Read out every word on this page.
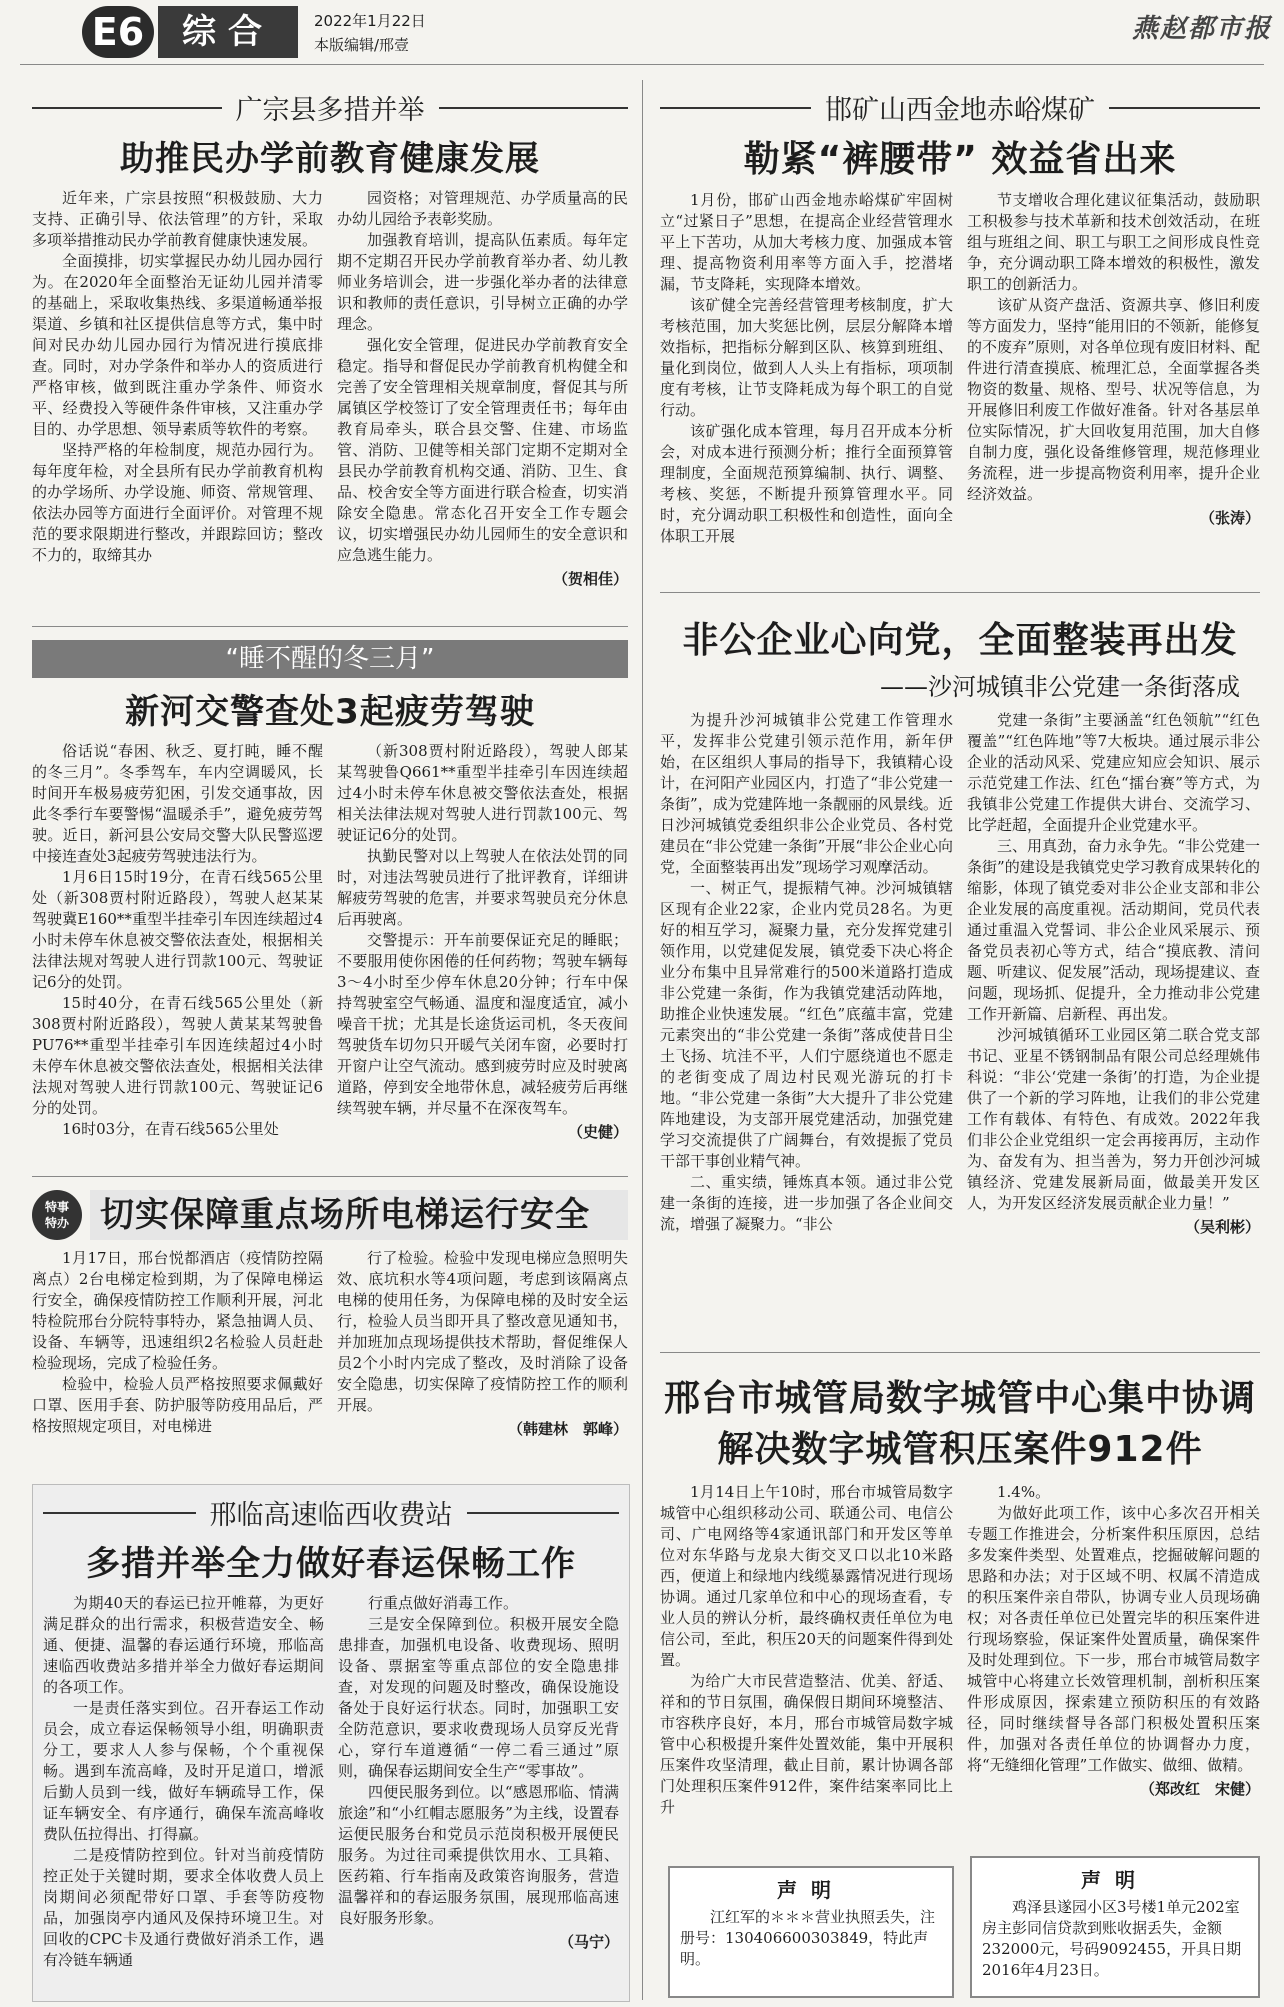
E6	综合	2022年1月22日
本版编辑/邢壹
燕赵都市报
广宗县多措并举
助推民办学前教育健康发展

近年来，广宗县按照“积极鼓励、大力支持、正确引导、依法管理”的方针，采取多项举措推动民办学前教育健康快速发展。

全面摸排，切实掌握民办幼儿园办园行为。在2020年全面整治无证幼儿园并清零的基础上，采取收集热线、多渠道畅通举报渠道、乡镇和社区提供信息等方式，集中时间对民办幼儿园办园行为情况进行摸底排查。同时，对办学条件和举办人的资质进行严格审核，做到既注重办学条件、师资水平、经费投入等硬件条件审核，又注重办学目的、办学思想、领导素质等软件的考察。

坚持严格的年检制度，规范办园行为。每年度年检，对全县所有民办学前教育机构的办学场所、办学设施、师资、常规管理、依法办园等方面进行全面评价。对管理不规范的要求限期进行整改，并跟踪回访；整改不力的，取缔其办

园资格；对管理规范、办学质量高的民办幼儿园给予表彰奖励。

加强教育培训，提高队伍素质。每年定期不定期召开民办学前教育举办者、幼儿教师业务培训会，进一步强化举办者的法律意识和教师的责任意识，引导树立正确的办学理念。

强化安全管理，促进民办学前教育安全稳定。指导和督促民办学前教育机构健全和完善了安全管理相关规章制度，督促其与所属镇区学校签订了安全管理责任书；每年由教育局牵头，联合县交警、住建、市场监管、消防、卫健等相关部门定期不定期对全县民办学前教育机构交通、消防、卫生、食品、校舍安全等方面进行联合检查，切实消除安全隐患。常态化召开安全工作专题会议，切实增强民办幼儿园师生的安全意识和应急逃生能力。

（贺相佳）
邯矿山西金地赤峪煤矿
勒紧“裤腰带” 效益省出来

1月份，邯矿山西金地赤峪煤矿牢固树立“过紧日子”思想，在提高企业经营管理水平上下苦功，从加大考核力度、加强成本管理、提高物资利用率等方面入手，挖潜堵漏，节支降耗，实现降本增效。

该矿健全完善经营管理考核制度，扩大考核范围，加大奖惩比例，层层分解降本增效指标，把指标分解到区队、核算到班组、量化到岗位，做到人人头上有指标，项项制度有考核，让节支降耗成为每个职工的自觉行动。

该矿强化成本管理，每月召开成本分析会，对成本进行预测分析；推行全面预算管理制度，全面规范预算编制、执行、调整、考核、奖惩，不断提升预算管理水平。同时，充分调动职工积极性和创造性，面向全体职工开展

节支增收合理化建议征集活动，鼓励职工积极参与技术革新和技术创效活动，在班组与班组之间、职工与职工之间形成良性竞争，充分调动职工降本增效的积极性，激发职工的创新活力。

该矿从资产盘活、资源共享、修旧利废等方面发力，坚持“能用旧的不领新，能修复的不废弃”原则，对各单位现有废旧材料、配件进行清查摸底、梳理汇总，全面掌握各类物资的数量、规格、型号、状况等信息，为开展修旧利废工作做好准备。针对各基层单位实际情况，扩大回收复用范围，加大自修自制力度，强化设备维修管理，规范修理业务流程，进一步提高物资利用率，提升企业经济效益。

（张涛）
“睡不醒的冬三月”
新河交警查处3起疲劳驾驶

俗话说“春困、秋乏、夏打盹，睡不醒的冬三月”。冬季驾车，车内空调暖风，长时间开车极易疲劳犯困，引发交通事故，因此冬季行车要警惕“温暖杀手”，避免疲劳驾驶。近日，新河县公安局交警大队民警巡逻中接连查处3起疲劳驾驶违法行为。

1月6日15时19分，在青石线565公里处（新308贾村附近路段），驾驶人赵某某驾驶冀E160**重型半挂牵引车因连续超过4小时未停车休息被交警依法查处，根据相关法律法规对驾驶人进行罚款100元、驾驶证记6分的处罚。

15时40分，在青石线565公里处（新308贾村附近路段），驾驶人黄某某驾驶鲁PU76**重型半挂牵引车因连续超过4小时未停车休息被交警依法查处，根据相关法律法规对驾驶人进行罚款100元、驾驶证记6分的处罚。

16时03分，在青石线565公里处

（新308贾村附近路段），驾驶人郎某某驾驶鲁Q661**重型半挂牵引车因连续超过4小时未停车休息被交警依法查处，根据相关法律法规对驾驶人进行罚款100元、驾驶证记6分的处罚。

执勤民警对以上驾驶人在依法处罚的同时，对违法驾驶员进行了批评教育，详细讲解疲劳驾驶的危害，并要求驾驶员充分休息后再驶离。

交警提示：开车前要保证充足的睡眠；不要服用使你困倦的任何药物；驾驶车辆每3～4小时至少停车休息20分钟；行车中保持驾驶室空气畅通、温度和湿度适宜，减小噪音干扰；尤其是长途货运司机，冬天夜间驾驶货车切勿只开暖气关闭车窗，必要时打开窗户让空气流动。感到疲劳时应及时驶离道路，停到安全地带休息，减轻疲劳后再继续驾驶车辆，并尽量不在深夜驾车。

（史健）
特事
特办 切实保障重点场所电梯运行安全

1月17日，邢台悦都酒店（疫情防控隔离点）2台电梯定检到期，为了保障电梯运行安全，确保疫情防控工作顺利开展，河北特检院邢台分院特事特办，紧急抽调人员、设备、车辆等，迅速组织2名检验人员赶赴检验现场，完成了检验任务。

检验中，检验人员严格按照要求佩戴好口罩、医用手套、防护服等防疫用品后，严格按照规定项目，对电梯进

行了检验。检验中发现电梯应急照明失效、底坑积水等4项问题，考虑到该隔离点电梯的使用任务，为保障电梯的及时安全运行，检验人员当即开具了整改意见通知书，并加班加点现场提供技术帮助，督促维保人员2个小时内完成了整改，及时消除了设备安全隐患，切实保障了疫情防控工作的顺利开展。

（韩建林　郭峰）
邢临高速临西收费站
多措并举全力做好春运保畅工作

为期40天的春运已拉开帷幕，为更好满足群众的出行需求，积极营造安全、畅通、便捷、温馨的春运通行环境，邢临高速临西收费站多措并举全力做好春运期间的各项工作。

一是责任落实到位。召开春运工作动员会，成立春运保畅领导小组，明确职责分工，要求人人参与保畅，个个重视保畅。遇到车流高峰，及时开足道口，增派后勤人员到一线，做好车辆疏导工作，保证车辆安全、有序通行，确保车流高峰收费队伍拉得出、打得赢。

二是疫情防控到位。针对当前疫情防控正处于关键时期，要求全体收费人员上岗期间必须配带好口罩、手套等防疫物品，加强岗亭内通风及保持环境卫生。对回收的CPC卡及通行费做好消杀工作，遇有冷链车辆通

行重点做好消毒工作。

三是安全保障到位。积极开展安全隐患排查，加强机电设备、收费现场、照明设备、票据室等重点部位的安全隐患排查，对发现的问题及时整改，确保设施设备处于良好运行状态。同时，加强职工安全防范意识，要求收费现场人员穿反光背心，穿行车道遵循“一停二看三通过”原则，确保春运期间安全生产“零事故”。

四便民服务到位。以“感恩邢临、情满旅途”和“小红帽志愿服务”为主线，设置春运便民服务台和党员示范岗积极开展便民服务。为过往司乘提供饮用水、工具箱、医药箱、行车指南及政策咨询服务，营造温馨祥和的春运服务氛围，展现邢临高速良好服务形象。

（马宁）
非公企业心向党，全面整装再出发
——沙河城镇非公党建一条街落成

为提升沙河城镇非公党建工作管理水平，发挥非公党建引领示范作用，新年伊始，在区组织人事局的指导下，我镇精心设计，在河阳产业园区内，打造了“非公党建一条街”，成为党建阵地一条靓丽的风景线。近日沙河城镇党委组织非公企业党员、各村党建员在“非公党建一条街”开展“非公企业心向党，全面整装再出发”现场学习观摩活动。

一、树正气，提振精气神。沙河城镇辖区现有企业22家，企业内党员28名。为更好的相互学习，凝聚力量，充分发挥党建引领作用，以党建促发展，镇党委下决心将企业分布集中且异常难行的500米道路打造成非公党建一条街，作为我镇党建活动阵地，助推企业快速发展。“红色”底蕴丰富，党建元素突出的“非公党建一条街”落成使昔日尘土飞扬、坑洼不平，人们宁愿绕道也不愿走的老街变成了周边村民观光游玩的打卡地。“非公党建一条街”大大提升了非公党建阵地建设，为支部开展党建活动，加强党建学习交流提供了广阔舞台，有效提振了党员干部干事创业精气神。

二、重实绩，锤炼真本领。通过非公党建一条街的连接，进一步加强了各企业间交流，增强了凝聚力。“非公

党建一条街”主要涵盖“红色领航”“红色覆盖”“红色阵地”等7大板块。通过展示非公企业的活动风采、党建应知应会知识、展示示范党建工作法、红色“擂台赛”等方式，为我镇非公党建工作提供大讲台、交流学习、比学赶超，全面提升企业党建水平。

三、用真劲，奋力永争先。“非公党建一条街”的建设是我镇党史学习教育成果转化的缩影，体现了镇党委对非公企业支部和非公企业发展的高度重视。活动期间，党员代表通过重温入党誓词、非公企业风采展示、预备党员表初心等方式，结合“摸底教、清问题、听建议、促发展”活动，现场提建议、查问题，现场抓、促提升，全力推动非公党建工作开新篇、启新程、再出发。

沙河城镇循环工业园区第二联合党支部书记、亚星不锈钢制品有限公司总经理姚伟科说：“非公‘党建一条街’的打造，为企业提供了一个新的学习阵地，让我们的非公党建工作有载体、有特色、有成效。2022年我们非公企业党组织一定会再接再厉，主动作为、奋发有为、担当善为，努力开创沙河城镇经济、党建发展新局面，做最美开发区人，为开发区经济发展贡献企业力量！”

（吴利彬）
邢台市城管局数字城管中心集中协调
解决数字城管积压案件912件

1月14日上午10时，邢台市城管局数字城管中心组织移动公司、联通公司、电信公司、广电网络等4家通讯部门和开发区等单位对东华路与龙泉大街交叉口以北10米路西，便道上和绿地内线缆暴露情况进行现场协调。通过几家单位和中心的现场查看，专业人员的辨认分析，最终确权责任单位为电信公司，至此，积压20天的问题案件得到处置。

为给广大市民营造整洁、优美、舒适、祥和的节日氛围，确保假日期间环境整洁、市容秩序良好，本月，邢台市城管局数字城管中心积极提升案件处置效能，集中开展积压案件攻坚清理，截止目前，累计协调各部门处理积压案件912件，案件结案率同比上升

1.4%。

为做好此项工作，该中心多次召开相关专题工作推进会，分析案件积压原因，总结多发案件类型、处置难点，挖掘破解问题的思路和办法；对于区域不明、权属不清造成的积压案件亲自带队，协调专业人员现场确权；对各责任单位已处置完毕的积压案件进行现场察验，保证案件处置质量，确保案件及时处理到位。下一步，邢台市城管局数字城管中心将建立长效管理机制，剖析积压案件形成原因，探索建立预防积压的有效路径，同时继续督导各部门积极处置积压案件，加强对各责任单位的协调督办力度，将“无缝细化管理”工作做实、做细、做精。

（郑改红　宋健）
声明

江红军的＊＊＊营业执照丢失，注册号：130406600303849，特此声明。

声明

鸡泽县遂园小区3号楼1单元202室房主彭同信贷款到账收据丢失，金额232000元，号码9092455，开具日期2016年4月23日。
